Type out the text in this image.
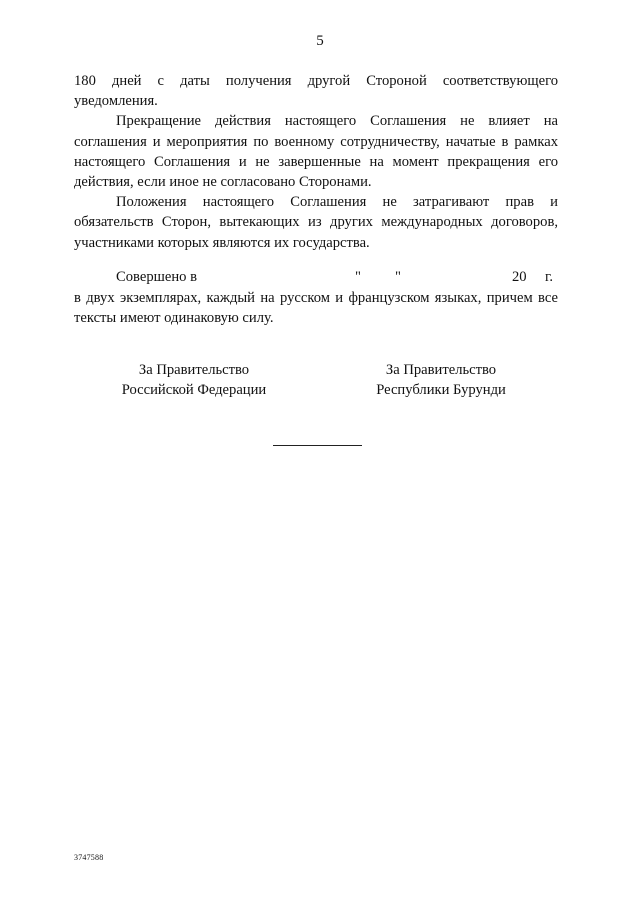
5

180 дней с даты получения другой Стороной соответствующего уведомления.

Прекращение действия настоящего Соглашения не влияет на соглашения и мероприятия по военному сотрудничеству, начатые в рамках настоящего Соглашения и не завершенные на момент прекращения его действия, если иное не согласовано Сторонами.

Положения настоящего Соглашения не затрагивают прав и обязательств Сторон, вытекающих из других международных договоров, участниками которых являются их государства.

Совершено в	" "	20 г.
в двух экземплярах, каждый на русском и французском языках, причем все тексты имеют одинаковую силу.
За Правительство
Российской Федерации
За Правительство
Республики Бурунди
3747588
